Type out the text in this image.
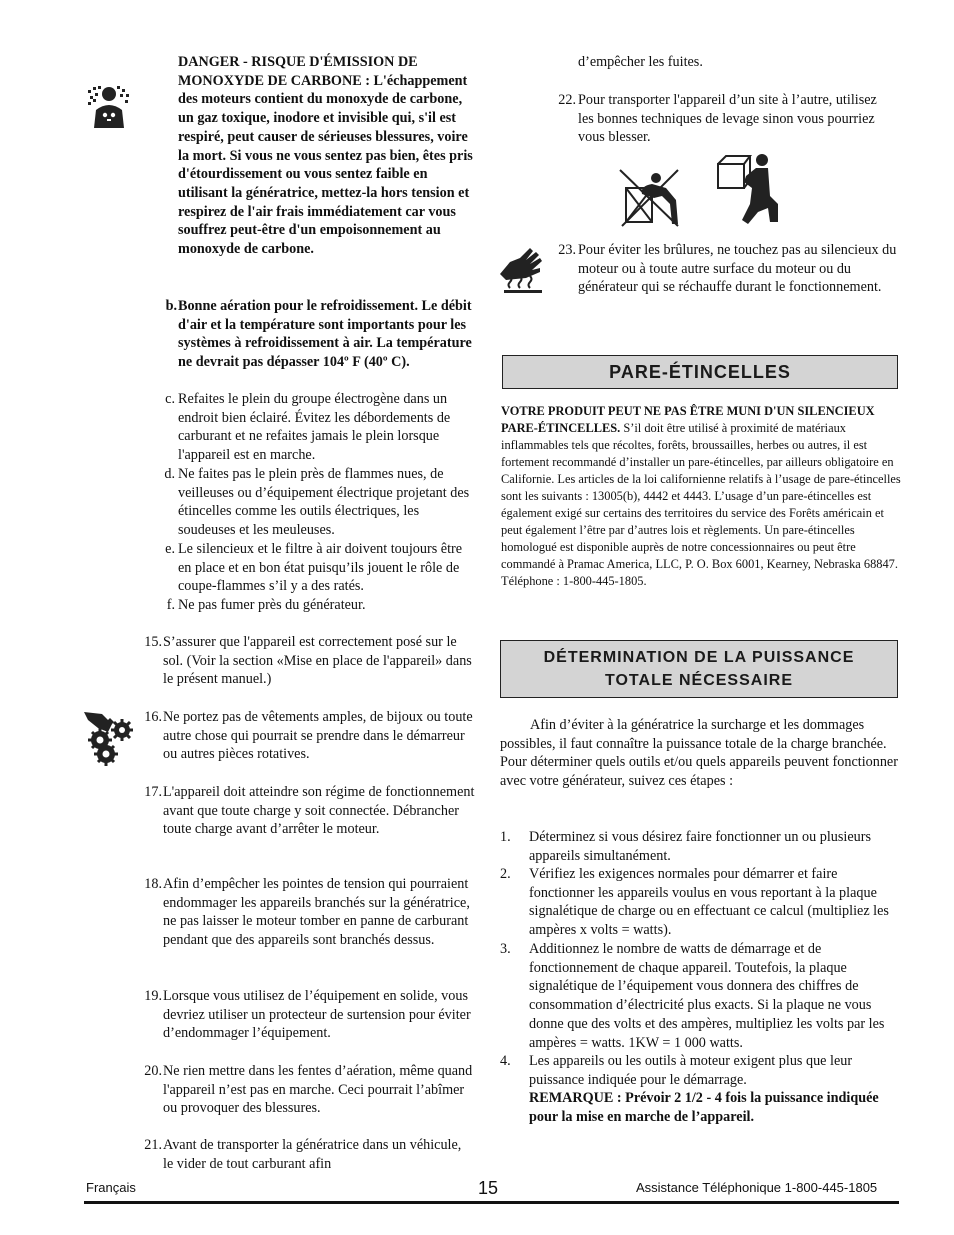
DANGER - RISQUE D'ÉMISSION DE MONOXYDE DE CARBONE : L'échappement des moteurs contient du monoxyde de carbone, un gaz toxique, inodore et invisible qui, s'il est respiré, peut causer de sérieuses blessures, voire la mort. Si vous ne vous sentez pas bien, êtes pris d'étourdissement ou vous sentez faible en utilisant la génératrice, mettez-la hors tension et respirez de l'air frais immédiatement car vous souffrez peut-être d'un empoisonnement au monoxyde de carbone.
b. Bonne aération pour le refroidissement. Le débit d'air et la température sont importants pour les systèmes à refroidissement à air. La température ne devrait pas dépasser 104º F (40º C).
c. Refaites le plein du groupe électrogène dans un endroit bien éclairé. Évitez les débordements de carburant et ne refaites jamais le plein lorsque l'appareil est en marche.
d. Ne faites pas le plein près de flammes nues, de veilleuses ou d’équipement électrique projetant des étincelles comme les outils électriques, les soudeuses et les meuleuses.
e. Le silencieux et le filtre à air doivent toujours être en place et en bon état puisqu’ils jouent le rôle de coupe-flammes s’il y a des ratés.
f. Ne pas fumer près du générateur.
15. S’assurer que l'appareil est correctement posé sur le sol. (Voir la section «Mise en place de l'appareil» dans le présent manuel.)
16. Ne portez pas de vêtements amples, de bijoux ou toute autre chose qui pourrait se prendre dans le démarreur ou autres pièces rotatives.
17. L'appareil doit atteindre son régime de fonctionnement avant que toute charge y soit connectée. Débrancher toute charge avant d’arrêter le moteur.
18. Afin d’empêcher les pointes de tension qui pourraient endommager les appareils branchés sur la génératrice, ne pas laisser le moteur tomber en panne de carburant pendant que des appareils sont branchés dessus.
19. Lorsque vous utilisez de l’équipement en solide, vous devriez utiliser un protecteur de surtension pour éviter d’endommager l’équipement.
20. Ne rien mettre dans les fentes d’aération, même quand l'appareil n’est pas en marche. Ceci pourrait l’abîmer ou provoquer des blessures.
21. Avant de transporter la génératrice dans un véhicule, le vider de tout carburant afin
d’empêcher les fuites.
22. Pour transporter l'appareil d’un site à l’autre, utilisez les bonnes techniques de levage sinon vous pourriez vous blesser.
23. Pour éviter les brûlures, ne touchez pas au silencieux du moteur ou à toute autre surface du moteur ou du générateur qui se réchauffe durant le fonctionnement.
PARE-ÉTINCELLES
VOTRE PRODUIT PEUT NE PAS ÊTRE MUNI D'UN SILENCIEUX PARE-ÉTINCELLES. S’il doit être utilisé à proximité de matériaux inflammables tels que récoltes, forêts, broussailles, herbes ou autres, il est fortement recommandé d’installer un pare-étincelles, par ailleurs obligatoire en Californie. Les articles de la loi californienne relatifs à l’usage de pare-étincelles sont les suivants : 13005(b), 4442 et 4443. L’usage d’un pare-étincelles est également exigé sur certains des territoires du service des Forêts américain et peut également l’être par d’autres lois et règlements. Un pare-étincelles homologué est disponible auprès de notre concessionnaires ou peut être commandé à Pramac America, LLC, P. O. Box 6001, Kearney, Nebraska 68847. Téléphone : 1-800-445-1805.
DÉTERMINATION DE LA PUISSANCE
TOTALE NÉCESSAIRE
Afin d’éviter à la génératrice la surcharge et les dommages possibles, il faut connaître la puissance totale de la charge branchée. Pour déterminer quels outils et/ou quels appareils peuvent fonctionner avec votre générateur, suivez ces étapes :
1. Déterminez si vous désirez faire fonctionner un ou plusieurs appareils simultanément.
2. Vérifiez les exigences normales pour démarrer et faire fonctionner les appareils voulus en vous reportant à la plaque signalétique de charge ou en effectuant ce calcul (multipliez les ampères x volts = watts).
3. Additionnez le nombre de watts de démarrage et de fonctionnement de chaque appareil. Toutefois, la plaque signalétique de l’équipement vous donnera des chiffres de consommation d’électricité plus exacts. Si la plaque ne vous donne que des volts et des ampères, multipliez les volts par les ampères = watts. 1KW = 1 000 watts.
4. Les appareils ou les outils à moteur exigent plus que leur puissance indiquée pour le démarrage.
REMARQUE : Prévoir 2 1/2 - 4 fois la puissance indiquée pour la mise en marche de l’appareil.
Français	15	Assistance Téléphonique 1-800-445-1805
